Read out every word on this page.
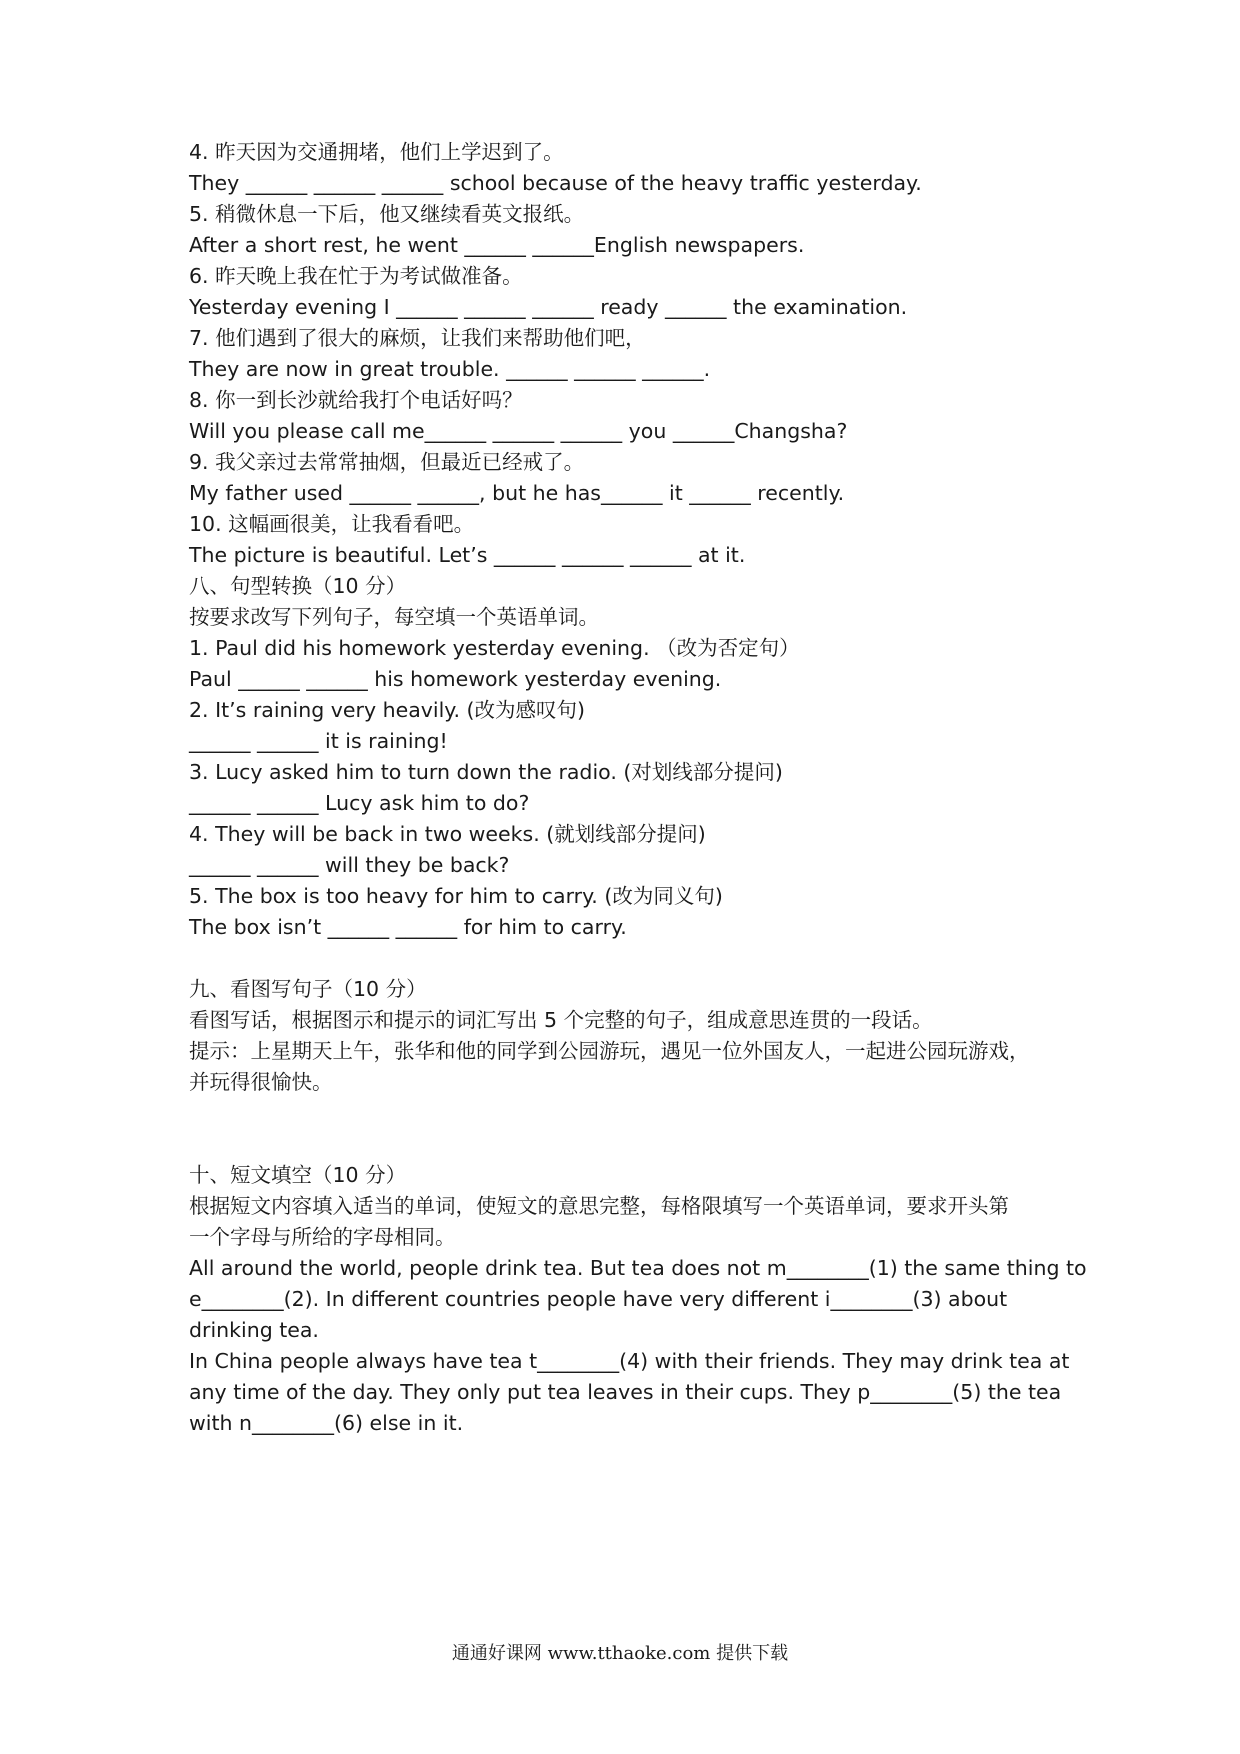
4. 昨天因为交通拥堵，他们上学迟到了。
They ______ ______ ______ school because of the heavy traffic yesterday.
5. 稍微休息一下后，他又继续看英文报纸。
After a short rest, he went ______ ______English newspapers.
6. 昨天晚上我在忙于为考试做准备。
Yesterday evening I ______ ______ ______ ready ______ the examination.
7. 他们遇到了很大的麻烦，让我们来帮助他们吧，
They are now in great trouble. ______ ______ ______.
8. 你一到长沙就给我打个电话好吗？
Will you please call me______ ______ ______ you ______Changsha?
9. 我父亲过去常常抽烟，但最近已经戒了。
My father used ______ ______, but he has______ it ______ recently.
10. 这幅画很美，让我看看吧。
The picture is beautiful. Let’s ______ ______ ______ at it.
八、句型转换（10 分）
按要求改写下列句子，每空填一个英语单词。
1. Paul did his homework yesterday evening. （改为否定句）
Paul ______ ______ his homework yesterday evening.
2. It’s raining very heavily. (改为感叹句)
______ ______ it is raining!
3. Lucy asked him to turn down the radio. (对划线部分提问)
______ ______ Lucy ask him to do?
4. They will be back in two weeks. (就划线部分提问)
______ ______ will they be back?
5. The box is too heavy for him to carry. (改为同义句)
The box isn’t ______ ______ for him to carry.
九、看图写句子（10 分）
看图写话，根据图示和提示的词汇写出 5 个完整的句子，组成意思连贯的一段话。
提示：上星期天上午，张华和他的同学到公园游玩，遇见一位外国友人，一起进公园玩游戏，
并玩得很愉快。
十、短文填空（10 分）
根据短文内容填入适当的单词，使短文的意思完整，每格限填写一个英语单词，要求开头第
一个字母与所给的字母相同。
All around the world, people drink tea. But tea does not m________(1) the same thing to
e________(2). In different countries people have very different i________(3) about
drinking tea.
In China people always have tea t________(4) with their friends. They may drink tea at
any time of the day. They only put tea leaves in their cups. They p________(5) the tea
with n________(6) else in it.
通通好课网 www.tthaoke.com 提供下载
